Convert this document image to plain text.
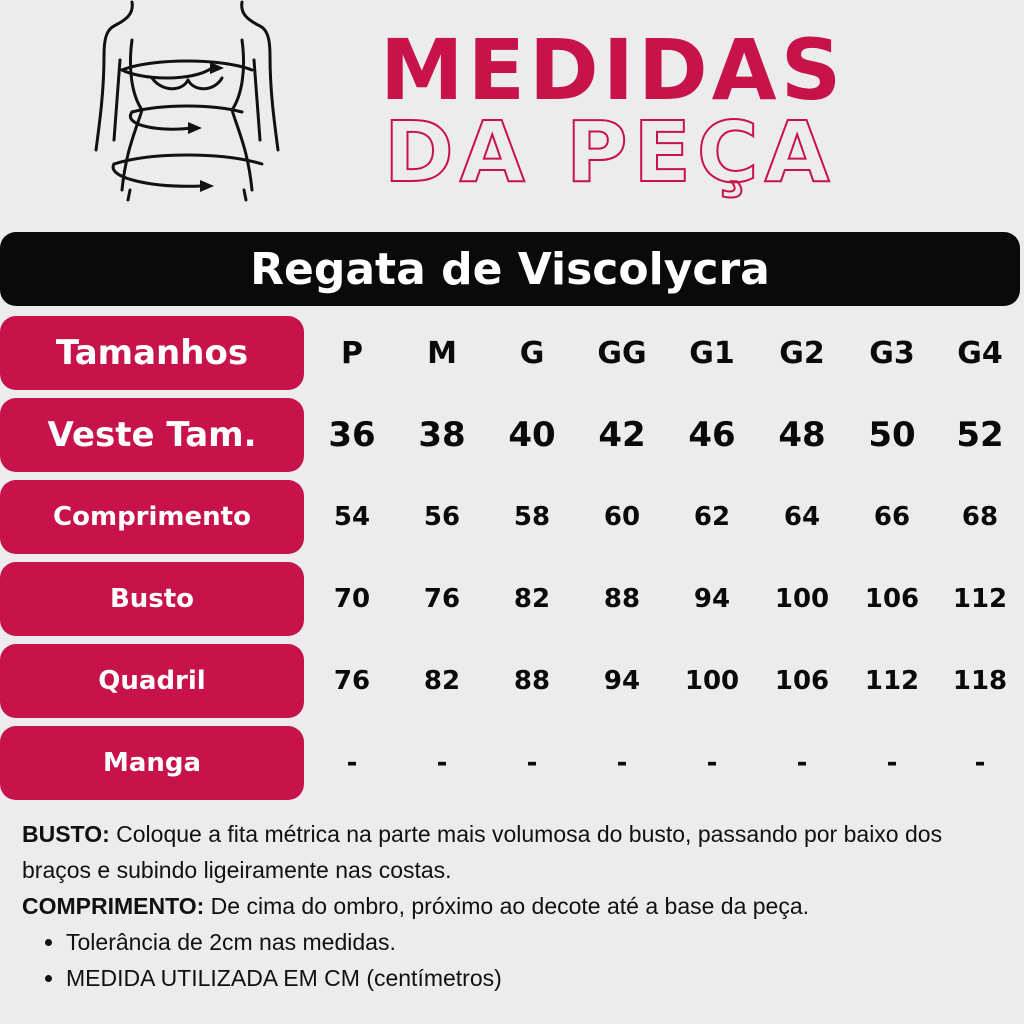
MEDIDAS
DA PEÇA
Regata de Viscolycra
Tamanhos	P	M	G	GG	G1	G2	G3	G4
Veste Tam.	36	38	40	42	46	48	50	52
Comprimento	54	56	58	60	62	64	66	68
Busto	70	76	82	88	94	100	106	112
Quadril	76	82	88	94	100	106	112	118
Manga	-	-	-	-	-	-	-	-
BUSTO: Coloque a fita métrica na parte mais volumosa do busto, passando por baixo dos braços e subindo ligeiramente nas costas.
COMPRIMENTO: De cima do ombro, próximo ao decote até a base da peça.
• Tolerância de 2cm nas medidas.
• MEDIDA UTILIZADA EM CM (centímetros)
